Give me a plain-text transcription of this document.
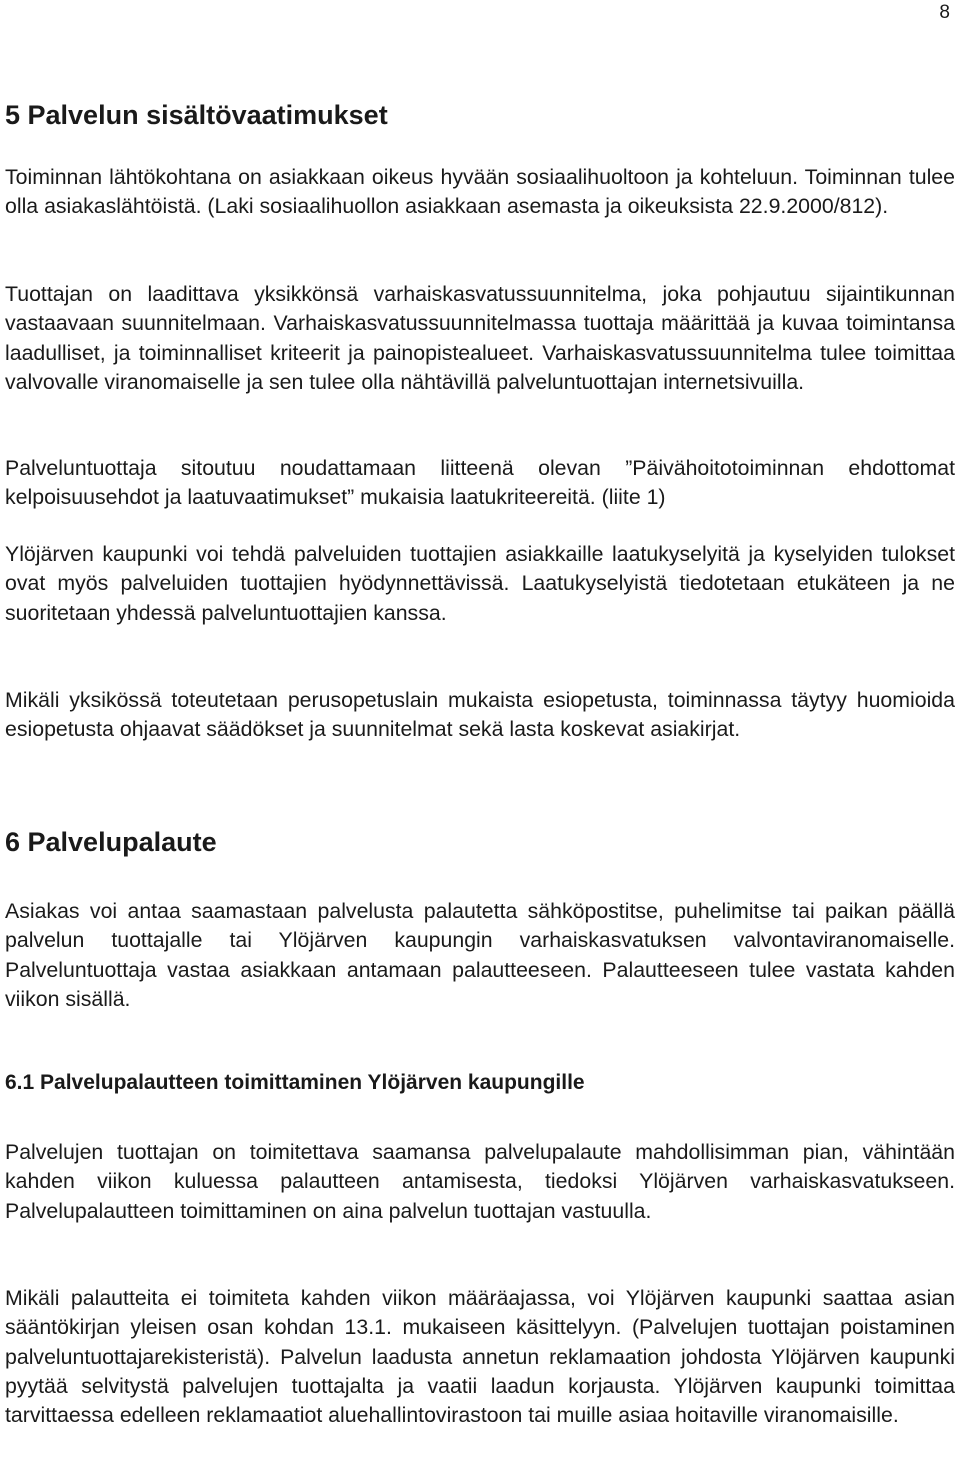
8
5 Palvelun sisältövaatimukset

Toiminnan lähtökohtana on asiakkaan oikeus hyvään sosiaalihuoltoon ja kohteluun. Toiminnan tulee olla asiakaslähtöistä. (Laki sosiaalihuollon asiakkaan asemasta ja oikeuksista 22.9.2000/812).

Tuottajan on laadittava yksikkönsä varhaiskasvatussuunnitelma, joka pohjautuu sijaintikunnan vastaavaan suunnitelmaan. Varhaiskasvatussuunnitelmassa tuottaja määrittää ja kuvaa toimintansa laadulliset, ja toiminnalliset kriteerit ja painopistealueet. Varhaiskasvatussuunnitelma tulee toimittaa valvovalle viranomaiselle ja sen tulee olla nähtävillä palveluntuottajan internetsivuilla.

Palveluntuottaja sitoutuu noudattamaan liitteenä olevan ”Päivähoitotoiminnan ehdottomat kelpoisuusehdot ja laatuvaatimukset” mukaisia laatukriteereitä. (liite 1)

Ylöjärven kaupunki voi tehdä palveluiden tuottajien asiakkaille laatukyselyitä ja kyselyiden tulokset ovat myös palveluiden tuottajien hyödynnettävissä. Laatukyselyistä tiedotetaan etukäteen ja ne suoritetaan yhdessä palveluntuottajien kanssa.

Mikäli yksikössä toteutetaan perusopetuslain mukaista esiopetusta, toiminnassa täytyy huomioida esiopetusta ohjaavat säädökset ja suunnitelmat sekä lasta koskevat asiakirjat.

6 Palvelupalaute

Asiakas voi antaa saamastaan palvelusta palautetta sähköpostitse, puhelimitse tai paikan päällä palvelun tuottajalle tai Ylöjärven kaupungin varhaiskasvatuksen valvontaviranomaiselle. Palveluntuottaja vastaa asiakkaan antamaan palautteeseen. Palautteeseen tulee vastata kahden viikon sisällä.

6.1 Palvelupalautteen toimittaminen Ylöjärven kaupungille

Palvelujen tuottajan on toimitettava saamansa palvelupalaute mahdollisimman pian, vähintään kahden viikon kuluessa palautteen antamisesta, tiedoksi Ylöjärven varhaiskasvatukseen. Palvelupalautteen toimittaminen on aina palvelun tuottajan vastuulla.

Mikäli palautteita ei toimiteta kahden viikon määräajassa, voi Ylöjärven kaupunki saattaa asian sääntökirjan yleisen osan kohdan 13.1. mukaiseen käsittelyyn. (Palvelujen tuottajan poistaminen palveluntuottajarekisteristä). Palvelun laadusta annetun reklamaation johdosta Ylöjärven kaupunki pyytää selvitystä palvelujen tuottajalta ja vaatii laadun korjausta. Ylöjärven kaupunki toimittaa tarvittaessa edelleen reklamaatiot aluehallintovirastoon tai muille asiaa hoitaville viranomaisille.
